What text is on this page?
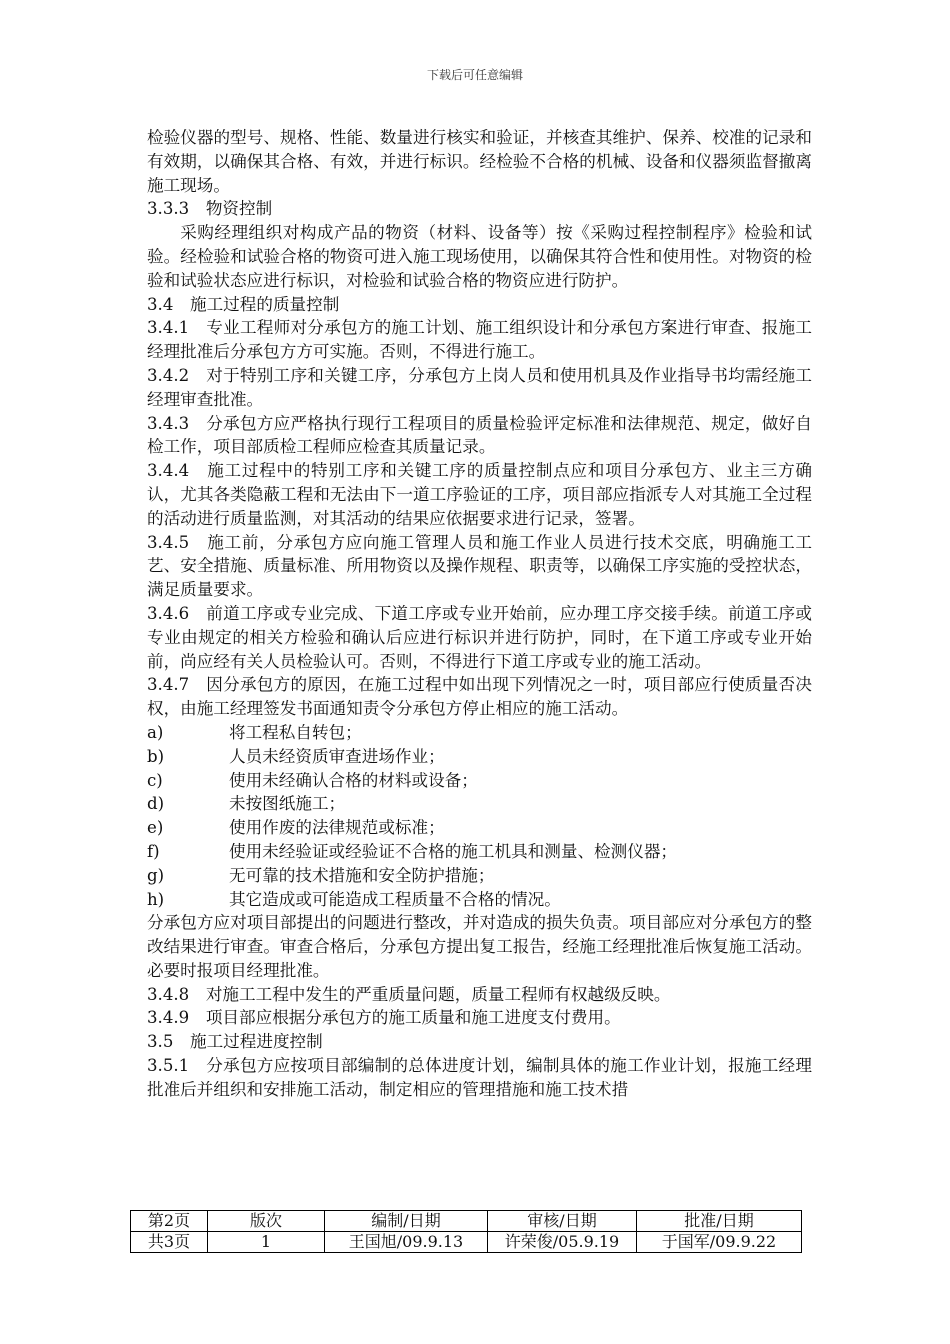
下载后可任意编辑

检验仪器的型号、规格、性能、数量进行核实和验证，并核查其维护、保养、校准的记录和有效期，以确保其合格、有效，并进行标识。经检验不合格的机械、设备和仪器须监督撤离施工现场。

3.3.3　物资控制

采购经理组织对构成产品的物资（材料、设备等）按《采购过程控制程序》检验和试验。经检验和试验合格的物资可进入施工现场使用，以确保其符合性和使用性。对物资的检验和试验状态应进行标识，对检验和试验合格的物资应进行防护。

3.4　施工过程的质量控制

3.4.1　专业工程师对分承包方的施工计划、施工组织设计和分承包方案进行审查、报施工经理批准后分承包方方可实施。否则，不得进行施工。

3.4.2　对于特别工序和关键工序，分承包方上岗人员和使用机具及作业指导书均需经施工经理审查批准。

3.4.3　分承包方应严格执行现行工程项目的质量检验评定标准和法律规范、规定，做好自检工作，项目部质检工程师应检查其质量记录。

3.4.4　施工过程中的特别工序和关键工序的质量控制点应和项目分承包方、业主三方确认，尤其各类隐蔽工程和无法由下一道工序验证的工序，项目部应指派专人对其施工全过程的活动进行质量监测，对其活动的结果应依据要求进行记录，签署。

3.4.5　施工前，分承包方应向施工管理人员和施工作业人员进行技术交底，明确施工工艺、安全措施、质量标准、所用物资以及操作规程、职责等，以确保工序实施的受控状态，满足质量要求。

3.4.6　前道工序或专业完成、下道工序或专业开始前，应办理工序交接手续。前道工序或专业由规定的相关方检验和确认后应进行标识并进行防护，同时，在下道工序或专业开始前，尚应经有关人员检验认可。否则，不得进行下道工序或专业的施工活动。

3.4.7　因分承包方的原因，在施工过程中如出现下列情况之一时，项目部应行使质量否决权，由施工经理签发书面通知责令分承包方停止相应的施工活动。

a)	将工程私自转包；
b)	人员未经资质审查进场作业；
c)	使用未经确认合格的材料或设备；
d)	未按图纸施工；
e)	使用作废的法律规范或标准；
f)	使用未经验证或经验证不合格的施工机具和测量、检测仪器；
g)	无可靠的技术措施和安全防护措施；
h)	其它造成或可能造成工程质量不合格的情况。

分承包方应对项目部提出的问题进行整改，并对造成的损失负责。项目部应对分承包方的整改结果进行审查。审查合格后，分承包方提出复工报告，经施工经理批准后恢复施工活动。必要时报项目经理批准。

3.4.8　对施工工程中发生的严重质量问题，质量工程师有权越级反映。

3.4.9　项目部应根据分承包方的施工质量和施工进度支付费用。

3.5　施工过程进度控制

3.5.1　分承包方应按项目部编制的总体进度计划，编制具体的施工作业计划，报施工经理批准后并组织和安排施工活动，制定相应的管理措施和施工技术措

第2页	版次	编制/日期	审核/日期	批准/日期
共3页	1	王国旭/09.9.13	许荣俊/05.9.19	于国军/09.9.22
